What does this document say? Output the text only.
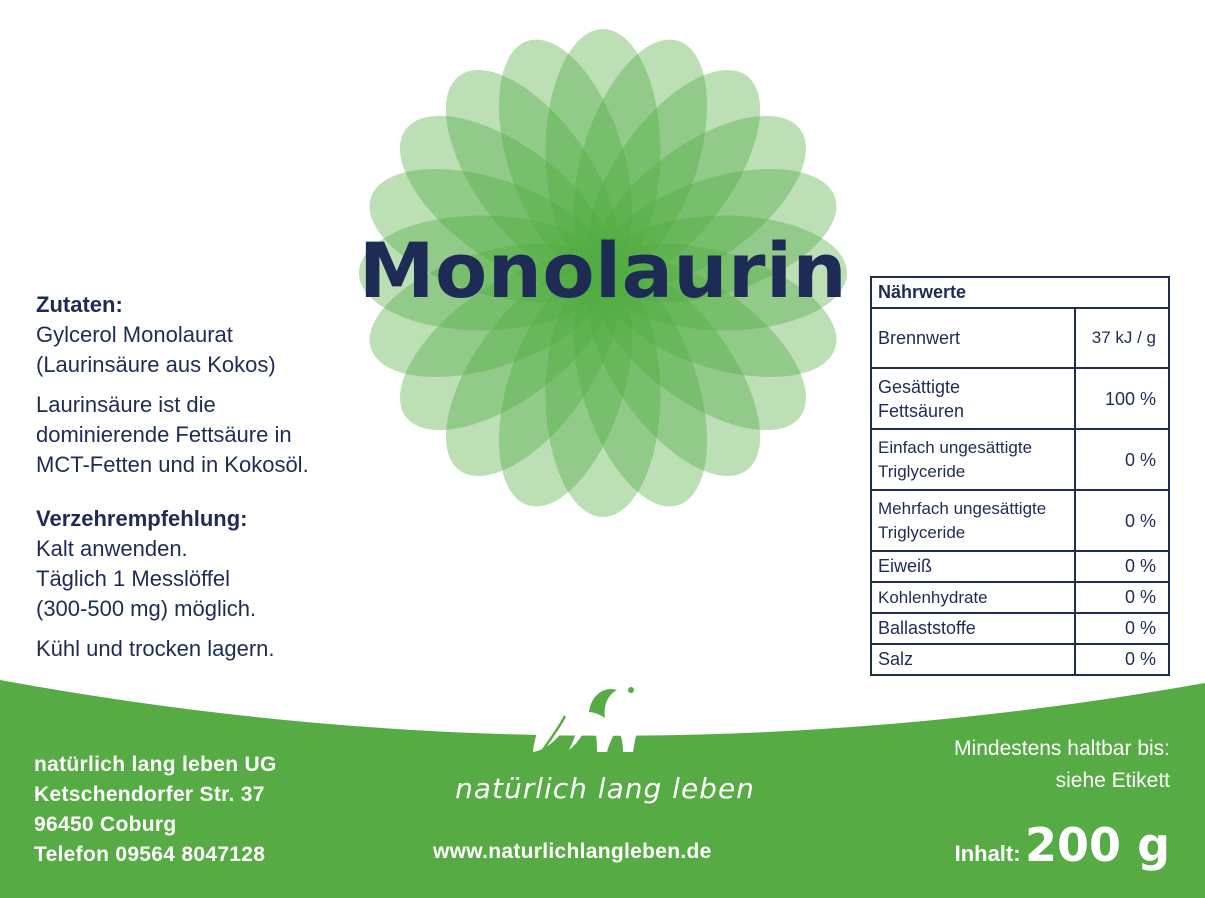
Monolaurin
Zutaten:
Gylcerol Monolaurat
(Laurinsäure aus Kokos)
Laurinsäure ist die
dominierende Fettsäure in
MCT-Fetten und in Kokosöl.
Verzehrempfehlung:
Kalt anwenden.
Täglich 1 Messlöffel
(300-500 mg) möglich.
Kühl und trocken lagern.
Nährwerte	
Brennwert	37 kJ / g
Gesättigte
Fettsäuren	100 %
Einfach ungesättigte
Triglyceride	0 %
Mehrfach ungesättigte
Triglyceride	0 %
Eiweiß	0 %
Kohlenhydrate	0 %
Ballaststoffe	0 %
Salz	0 %
natürlich lang leben
www.naturlichlangleben.de
natürlich lang leben UG
Ketschendorfer Str. 37
96450 Coburg
Telefon 09564 8047128
Mindestens haltbar bis:
siehe Etikett
Inhalt: 200 g
